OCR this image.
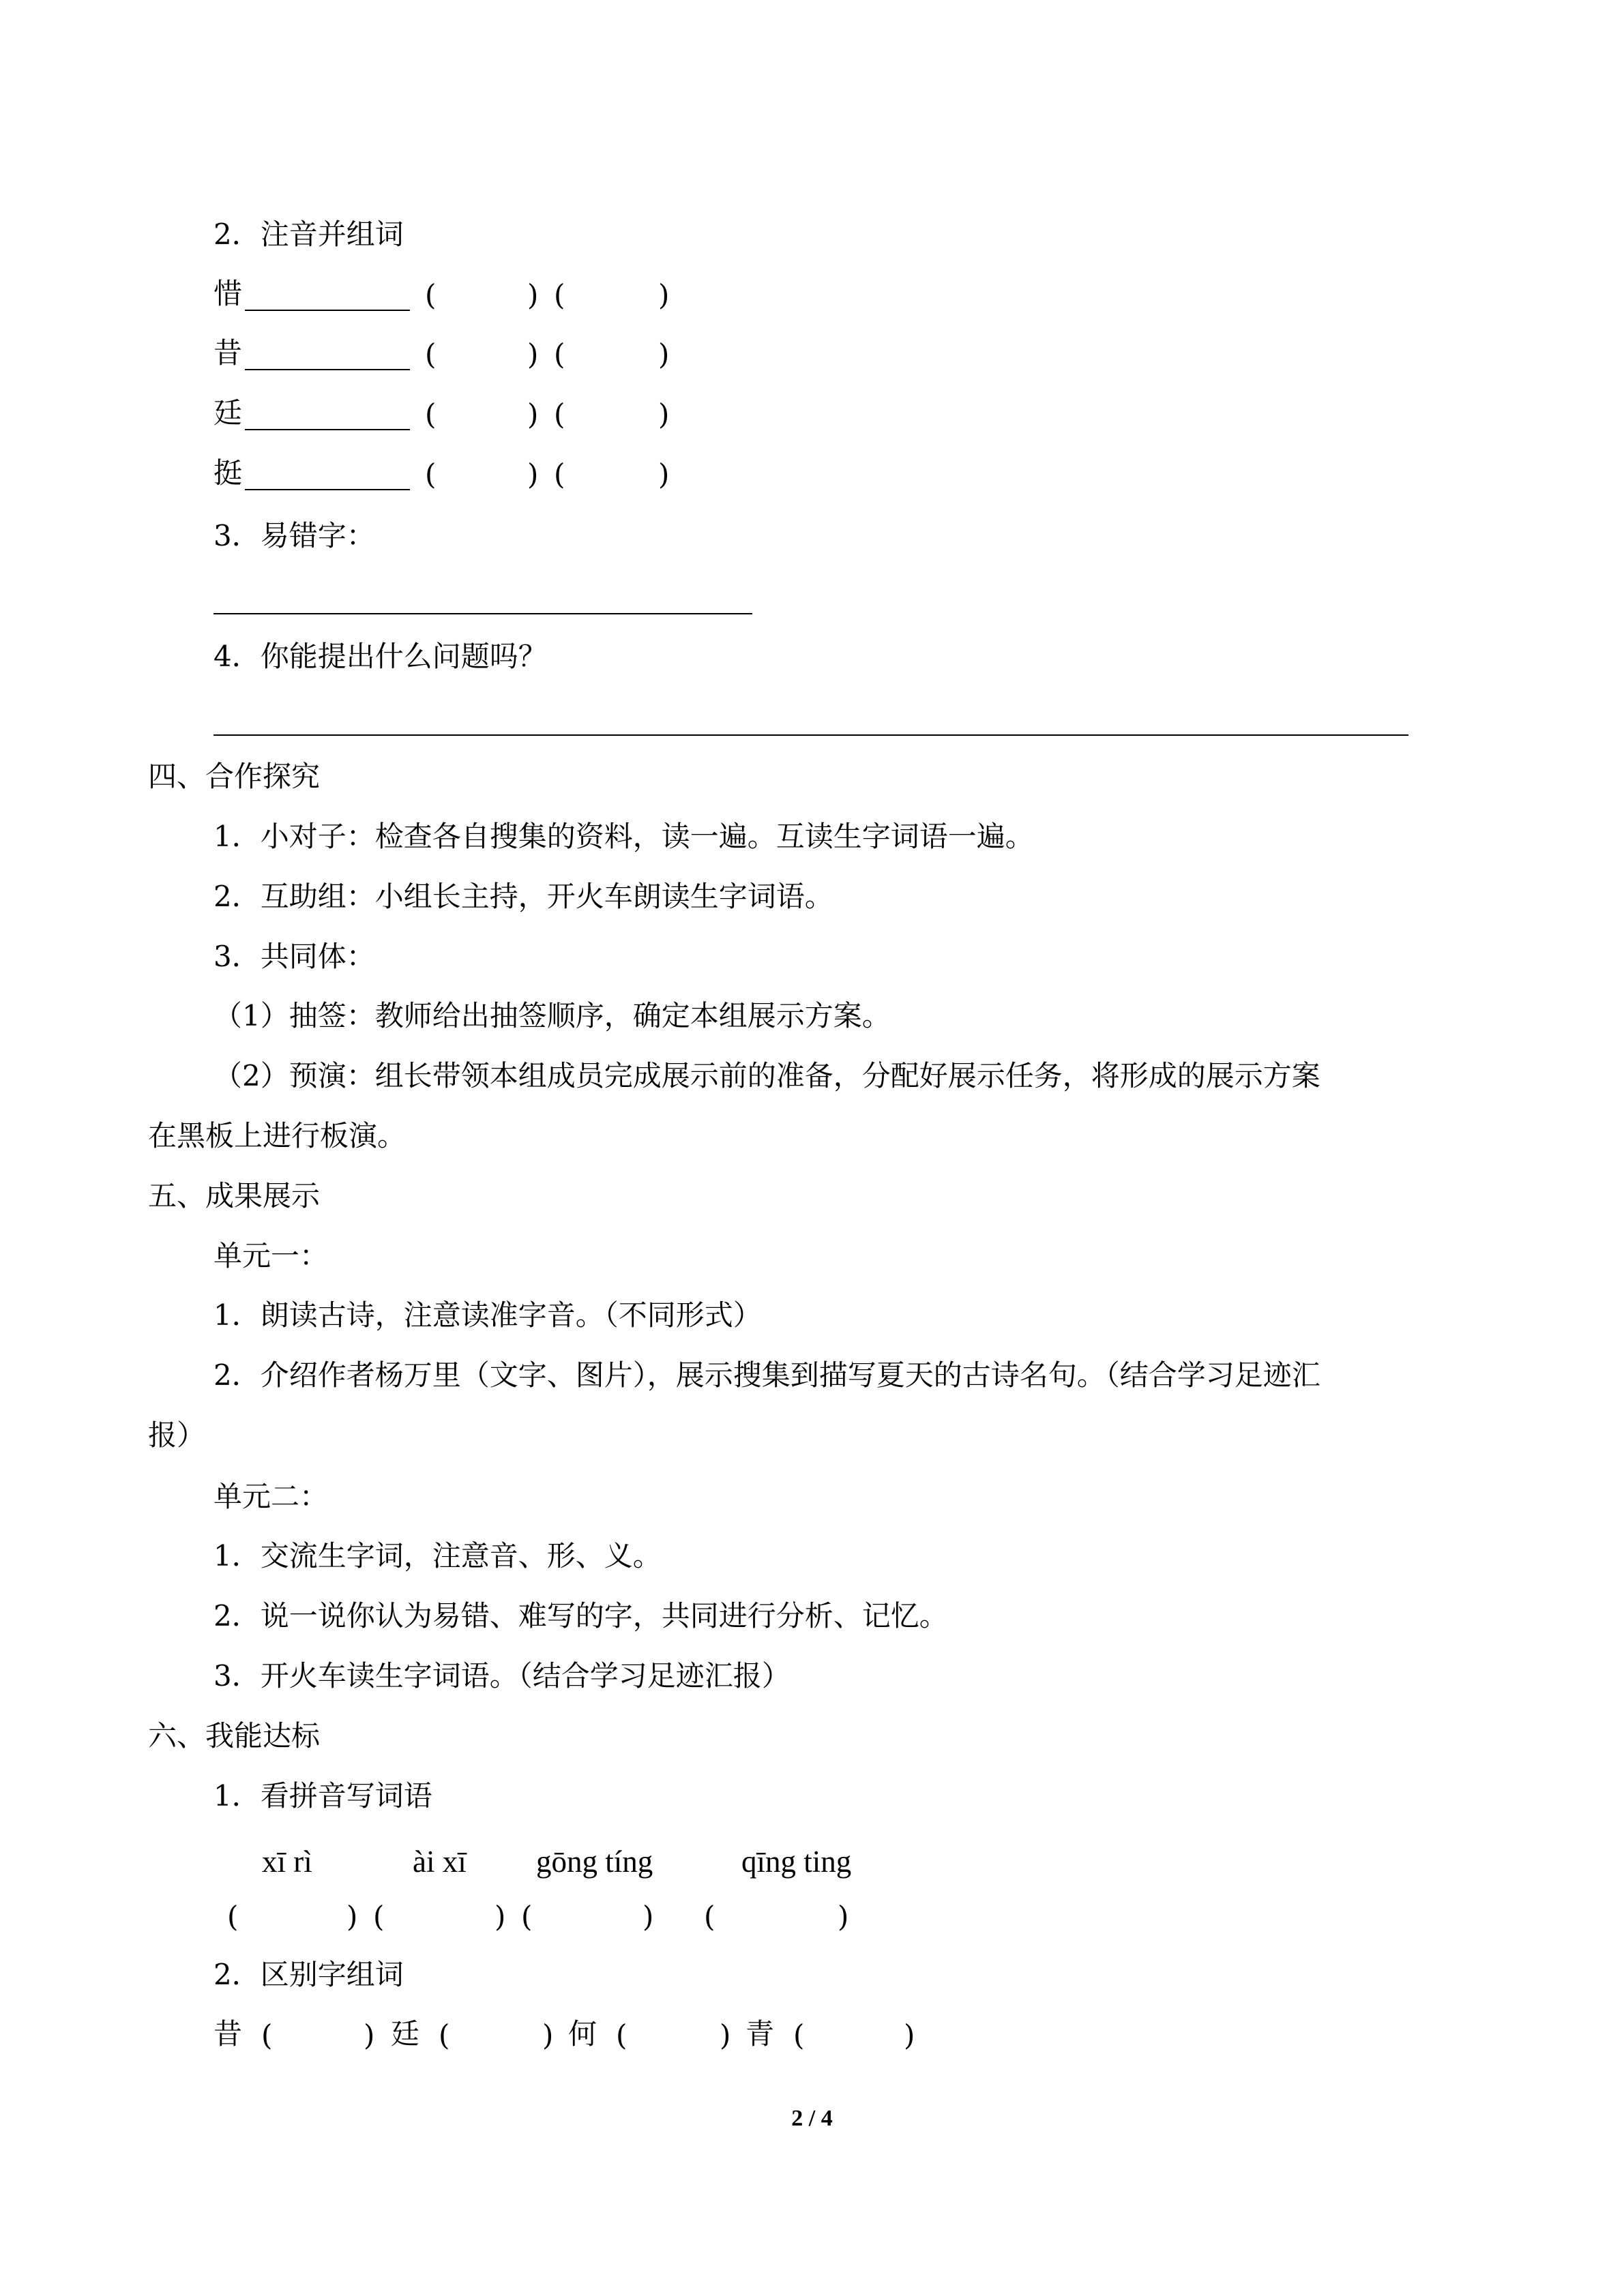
2．注音并组词
惜	(	) (	)
昔	(	) (	)
廷	(	) (	)
挺	(	) (	)
3．易错字：
4．你能提出什么问题吗？
四、合作探究
1．小对子：检查各自搜集的资料，读一遍。互读生字词语一遍。
2．互助组：小组长主持，开火车朗读生字词语。
3．共同体：
（1）抽签：教师给出抽签顺序，确定本组展示方案。
（2）预演：组长带领本组成员完成展示前的准备，分配好展示任务，将形成的展示方案
在黑板上进行板演。
五、成果展示
单元一：
1．朗读古诗，注意读准字音。（不同形式）
2．介绍作者杨万里（文字、图片），展示搜集到描写夏天的古诗名句。（结合学习足迹汇
报）
单元二：
1．交流生字词，注意音、形、义。
2．说一说你认为易错、难写的字，共同进行分析、记忆。
3．开火车读生字词语。（结合学习足迹汇报）
六、我能达标
1．看拼音写词语
xī rì	ài xī gōng tíng	qīng ting
(	) (	) (	) (	)
2．区别字组词
昔 (	) 廷 (	) 何 (	) 青 (	)
2 / 4
